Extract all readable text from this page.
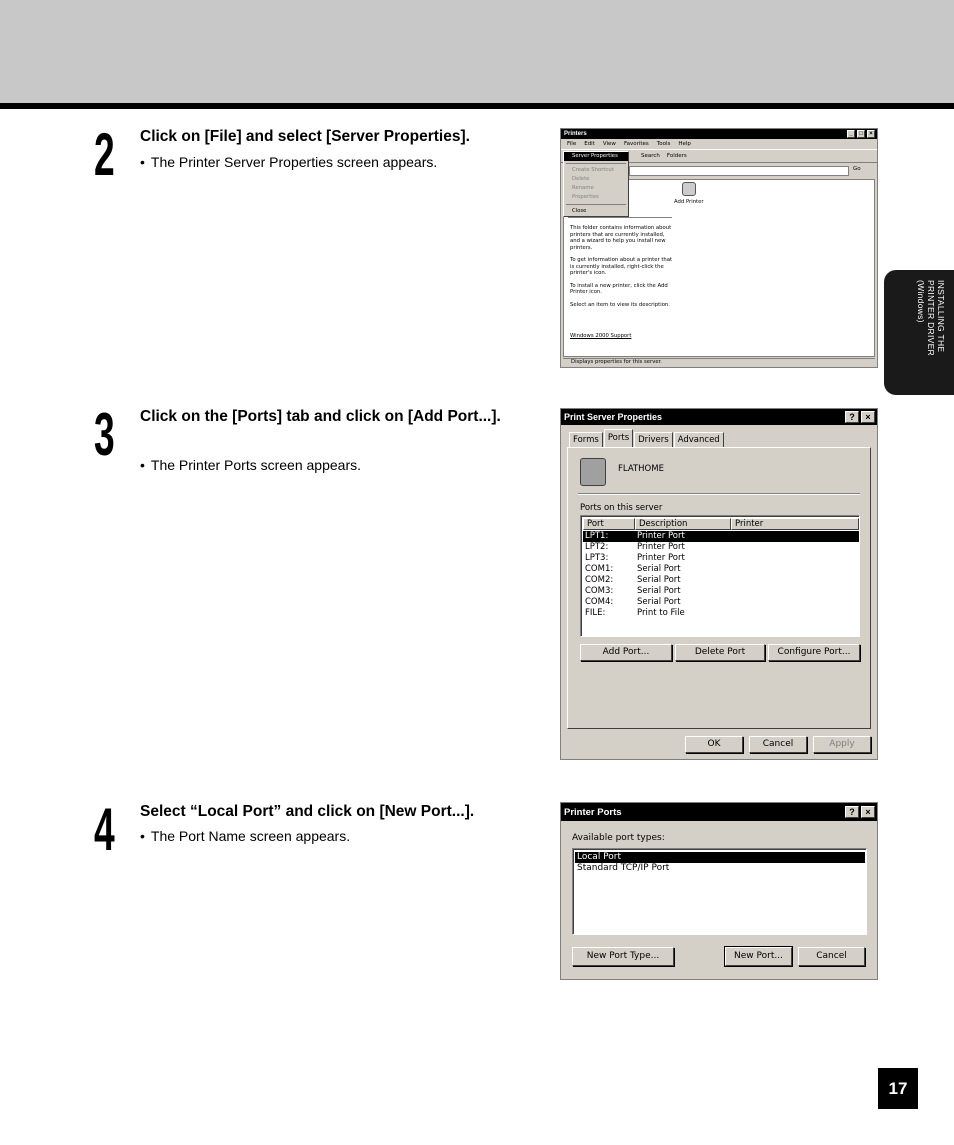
INSTALLING THE
PRINTER DRIVER
(Windows)
2 Click on [File] and select [Server Properties].
• The Printer Server Properties screen appears.
3 Click on the [Ports] tab and click on [Add Port...].
• The Printer Ports screen appears.
4 Select “Local Port” and click on [New Port...].
• The Port Name screen appears.
Printers	_	□	×
File Edit View Favorites Tools Help
Search Folders
Go

This folder contains information about printers that are currently installed, and a wizard to help you install new printers.

To get information about a printer that is currently installed, right-click the printer's icon.

To install a new printer, click the Add Printer icon.

Select an item to view its description.

Windows 2000 Support
Add Printer
Server Properties
Create Shortcut
Delete
Rename
Properties
Close
Displays properties for this server.
Print Server Properties	?	×
Forms	Ports	Drivers	Advanced
FLATHOME
Ports on this server
Port	Description	Printer
LPT1:	Printer Port
LPT2:	Printer Port
LPT3:	Printer Port
COM1:	Serial Port
COM2:	Serial Port
COM3:	Serial Port
COM4:	Serial Port
FILE:	Print to File
Add Port...	Delete Port	Configure Port...
OK	Cancel	Apply
Printer Ports	?	×
Available port types:
Local Port
Standard TCP/IP Port
New Port Type...	New Port...	Cancel
17
